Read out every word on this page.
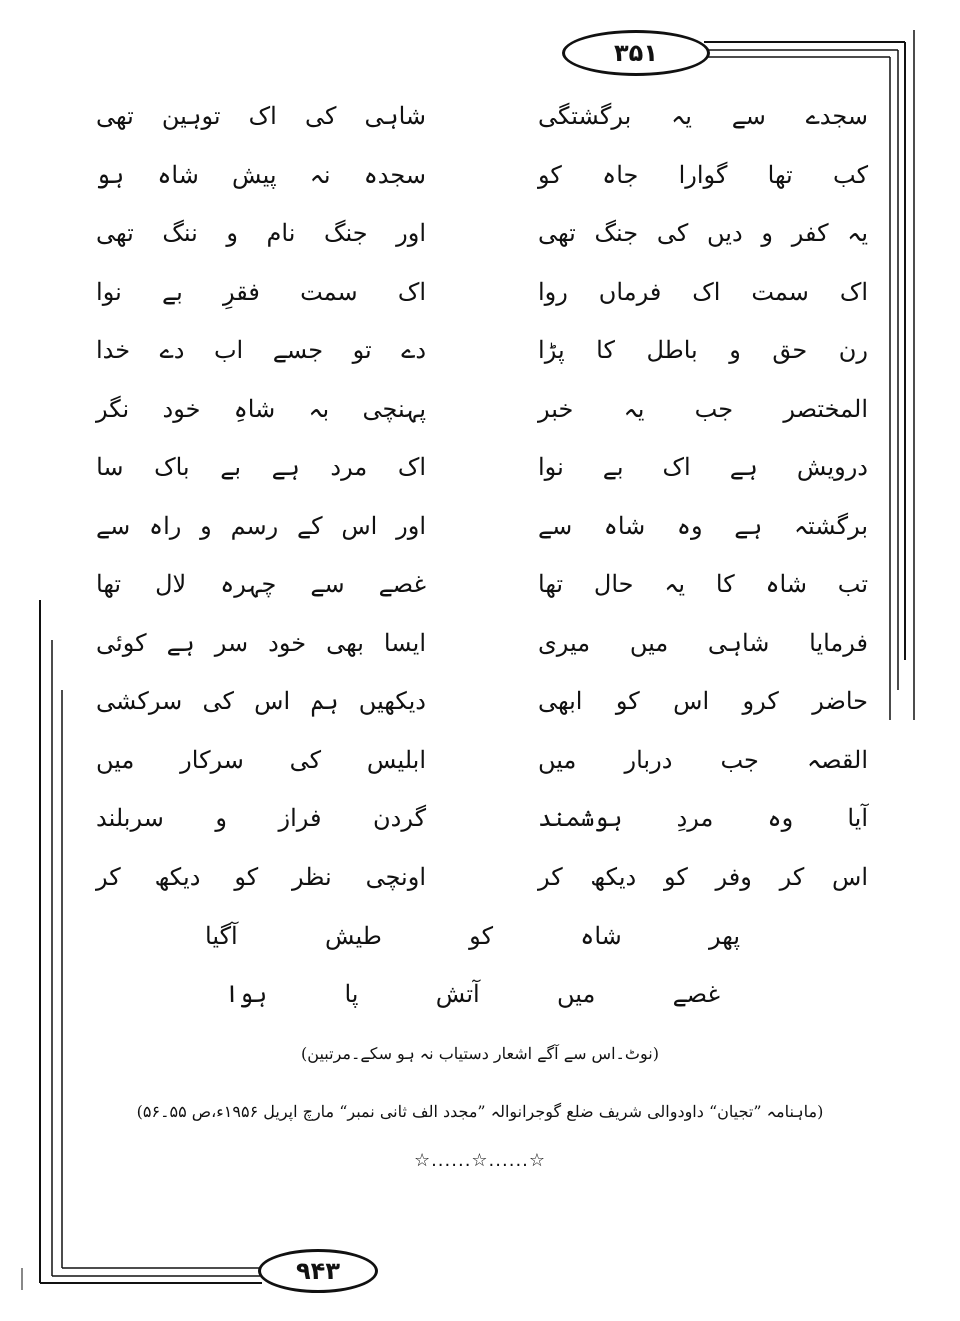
۳۵۱
سجدے
سے
یہ
برگشتگی
شاہی
کی
اک
توہین
تھی
کب
تھا
گوارا
جاہ
کو
سجدہ
نہ
پیش
شاہ
ہو
یہ
کفر
و
دیں
کی
جنگ
تھی
اور
جنگ
نام
و
ننگ
تھی
اک
سمت
اک
فرماں
روا
اک
سمت
فقرِ
بے
نوا
رن
حق
و
باطل
کا
پڑا
دے
تو
جسے
اب
دے
خدا
المختصر
جب
یہ
خبر
پہنچی
بہ
شاہِ
خود
نگر
درویش
ہے
اک
بے
نوا
اک
مرد
ہے
بے
باک
سا
برگشتہ
ہے
وہ
شاہ
سے
اور
اس
کے
رسم
و
راہ
سے
تب
شاہ
کا
یہ
حال
تھا
غصے
سے
چہرہ
لال
تھا
فرمایا
شاہی
میں
میری
ایسا
بھی
خود
سر
ہے
کوئی
حاضر
کرو
اس
کو
ابھی
دیکھیں
ہم
اس
کی
سرکشی
القصہ
جب
دربار
میں
ابلیس
کی
سرکار
میں
آیا
وہ
مردِ
ہوشمند
گردن
فراز
و
سربلند
اس
کر
وفر
کو
دیکھ
کر
اونچی
نظر
کو
دیکھ
کر
پھر
شاہ
کو
طیش
آگیا
غصے
میں
آتش
پا
ہوا
(نوٹ۔اس سے آگے اشعار دستیاب نہ ہو سکے۔مرتبین)
(ماہنامہ ”تجیان“ داودوالی شریف ضلع گوجرانوالہ ”مجدد الف ثانی نمبر“ مارچ اپریل ۱۹۵۶ء،ص ۵۵۔۵۶)
☆......☆......☆
۹۴۳
